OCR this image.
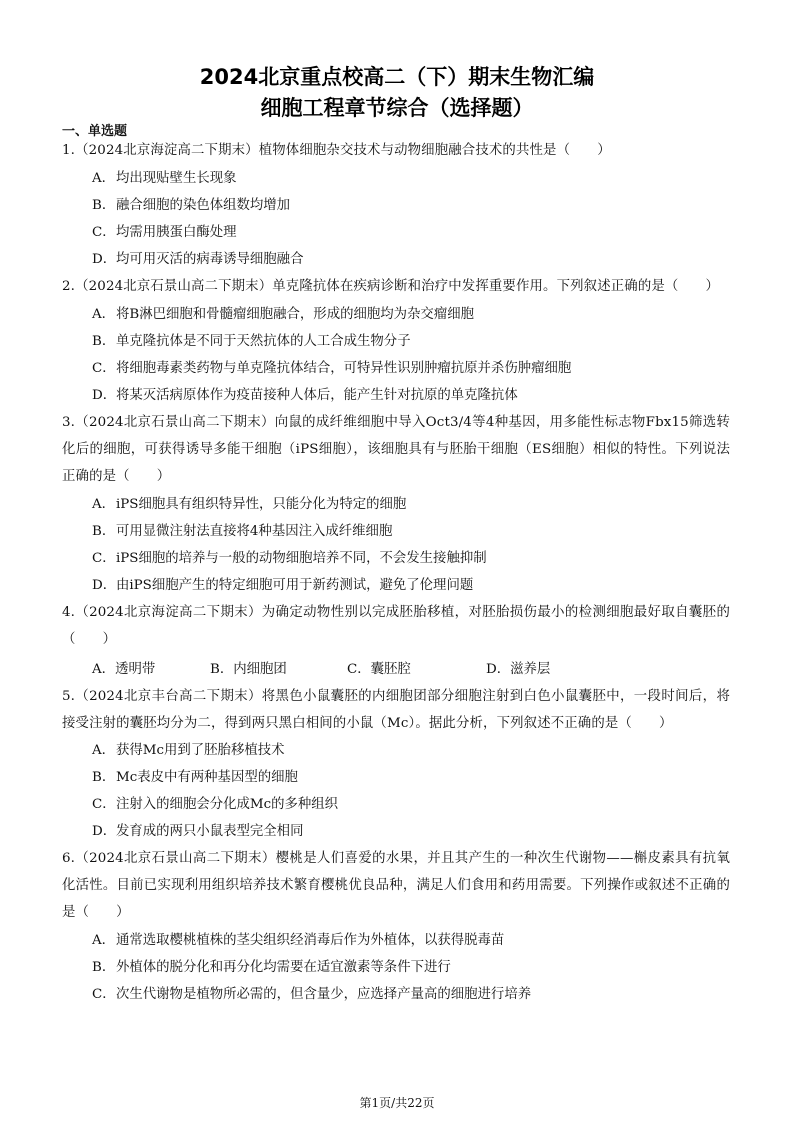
2024北京重点校高二（下）期末生物汇编
细胞工程章节综合（选择题）
一、单选题
1.（2024北京海淀高二下期末）植物体细胞杂交技术与动物细胞融合技术的共性是（　　）
A．均出现贴壁生长现象
B．融合细胞的染色体组数均增加
C．均需用胰蛋白酶处理
D．均可用灭活的病毒诱导细胞融合
2.（2024北京石景山高二下期末）单克隆抗体在疾病诊断和治疗中发挥重要作用。下列叙述正确的是（　　）
A．将B淋巴细胞和骨髓瘤细胞融合，形成的细胞均为杂交瘤细胞
B．单克隆抗体是不同于天然抗体的人工合成生物分子
C．将细胞毒素类药物与单克隆抗体结合，可特异性识别肿瘤抗原并杀伤肿瘤细胞
D．将某灭活病原体作为疫苗接种人体后，能产生针对抗原的单克隆抗体
3.（2024北京石景山高二下期末）向鼠的成纤维细胞中导入Oct3/4等4种基因，用多能性标志物Fbx15筛选转化后的细胞，可获得诱导多能干细胞（iPS细胞），该细胞具有与胚胎干细胞（ES细胞）相似的特性。下列说法正确的是（　　）
A．iPS细胞具有组织特异性，只能分化为特定的细胞
B．可用显微注射法直接将4种基因注入成纤维细胞
C．iPS细胞的培养与一般的动物细胞培养不同，不会发生接触抑制
D．由iPS细胞产生的特定细胞可用于新药测试，避免了伦理问题
4.（2024北京海淀高二下期末）为确定动物性别以完成胚胎移植，对胚胎损伤最小的检测细胞最好取自囊胚的（　　）
A．透明带	B．内细胞团	C．囊胚腔	D．滋养层
5.（2024北京丰台高二下期末）将黑色小鼠囊胚的内细胞团部分细胞注射到白色小鼠囊胚中，一段时间后，将接受注射的囊胚均分为二，得到两只黑白相间的小鼠（Mc）。据此分析，下列叙述不正确的是（　　）
A．获得Mc用到了胚胎移植技术
B．Mc表皮中有两种基因型的细胞
C．注射入的细胞会分化成Mc的多种组织
D．发育成的两只小鼠表型完全相同
6.（2024北京石景山高二下期末）樱桃是人们喜爱的水果，并且其产生的一种次生代谢物——槲皮素具有抗氧化活性。目前已实现利用组织培养技术繁育樱桃优良品种，满足人们食用和药用需要。下列操作或叙述不正确的是（　　）
A．通常选取樱桃植株的茎尖组织经消毒后作为外植体，以获得脱毒苗
B．外植体的脱分化和再分化均需要在适宜激素等条件下进行
C．次生代谢物是植物所必需的，但含量少，应选择产量高的细胞进行培养
第1页/共22页
